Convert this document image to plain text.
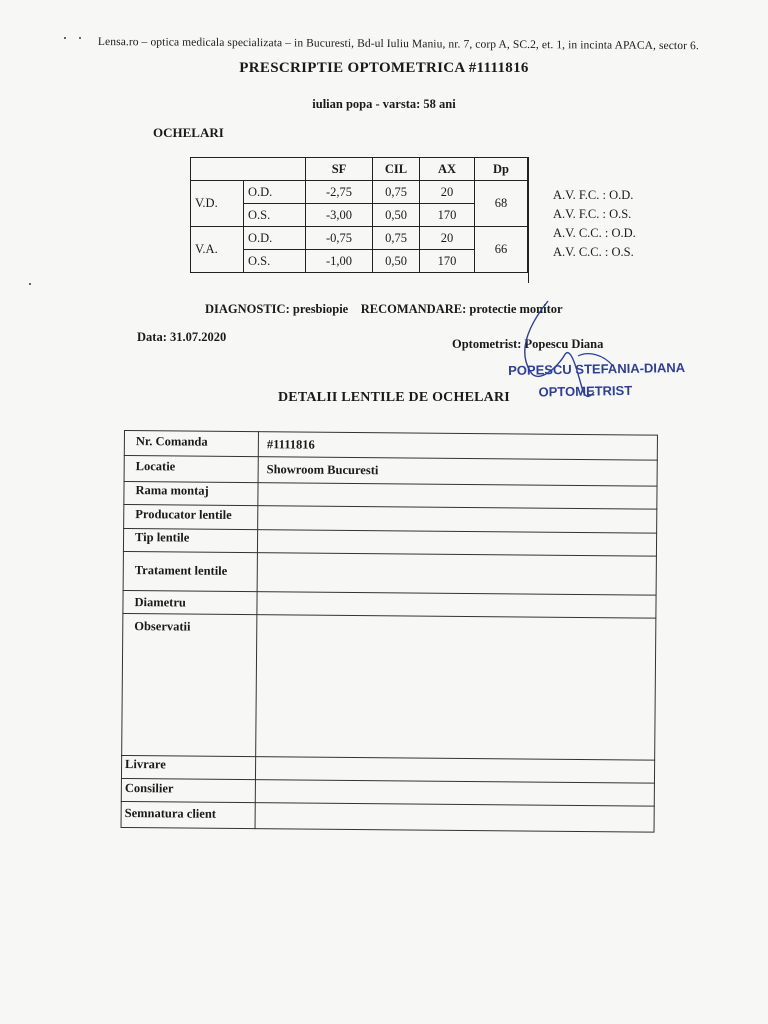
Lensa.ro – optica medicala specializata – in Bucuresti, Bd-ul Iuliu Maniu, nr. 7, corp A, SC.2, et. 1, in incinta APACA, sector 6.
PRESCRIPTIE OPTOMETRICA #1111816
iulian popa - varsta: 58 ani
OCHELARI
		SF	CIL	AX	Dp
V.D.	O.D.	-2,75	0,75	20	68
	O.S.	-3,00	0,50	170	
V.A.	O.D.	-0,75	0,75	20	66
	O.S.	-1,00	0,50	170	
A.V. F.C. : O.D.
A.V. F.C. : O.S.
A.V. C.C. : O.D.
A.V. C.C. : O.S.
DIAGNOSTIC: presbiopie RECOMANDARE: protectie monitor
Data: 31.07.2020	Optometrist: Popescu Diana
POPESCU STEFANIA-DIANA
OPTOMETRIST
DETALII LENTILE DE OCHELARI
Nr. Comanda	#1111816
Locatie	Showroom Bucuresti
Rama montaj
Producator lentile
Tip lentile
Tratament lentile
Diametru
Observatii
Livrare
Consilier
Semnatura client
